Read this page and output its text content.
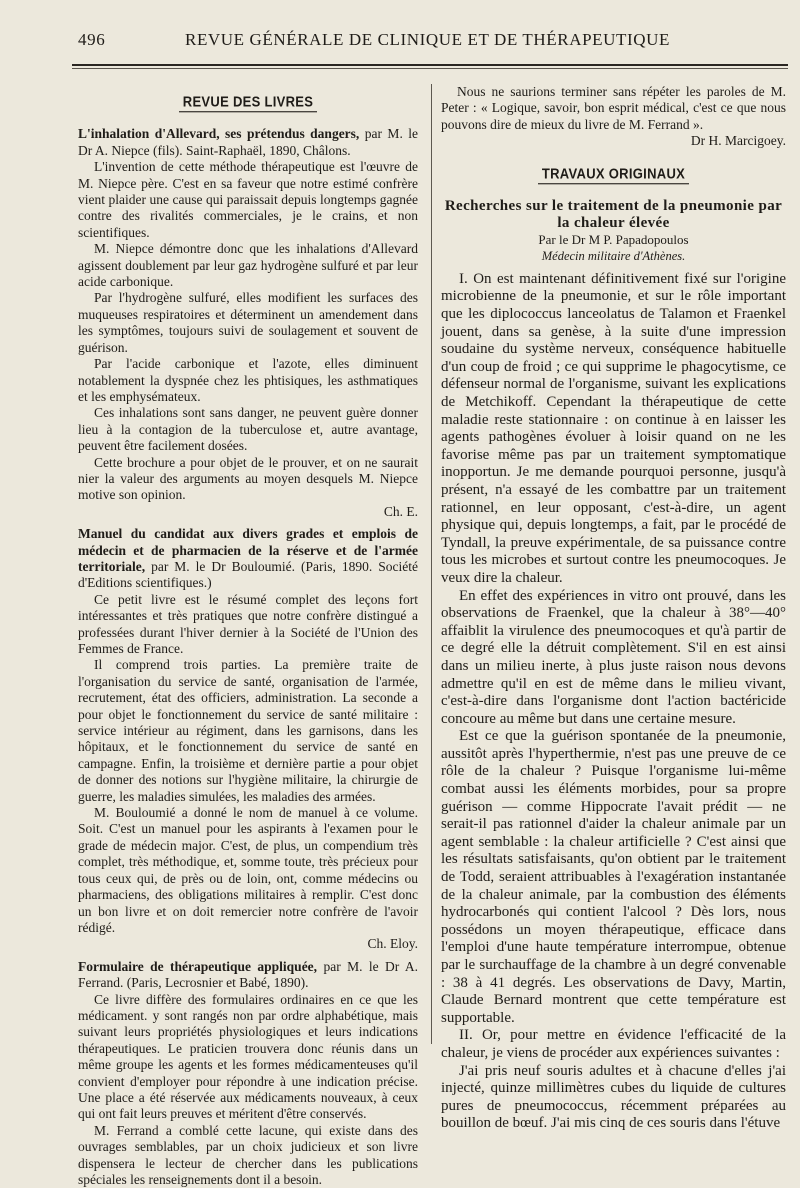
496	REVUE GÉNÉRALE DE CLINIQUE ET DE THÉRAPEUTIQUE
REVUE DES LIVRES

L'inhalation d'Allevard, ses prétendus dangers, par M. le Dr A. Niepce (fils). Saint-Raphaël, 1890, Châlons.

L'invention de cette méthode thérapeutique est l'œuvre de M. Niepce père. C'est en sa faveur que notre estimé confrère vient plaider une cause qui paraissait depuis longtemps gagnée contre des rivalités commerciales, je le crains, et non scientifiques.

M. Niepce démontre donc que les inhalations d'Allevard agissent doublement par leur gaz hydrogène sulfuré et par leur acide carbonique.

Par l'hydrogène sulfuré, elles modifient les surfaces des muqueuses respiratoires et déterminent un amendement dans les symptômes, toujours suivi de soulagement et souvent de guérison.

Par l'acide carbonique et l'azote, elles diminuent notablement la dyspnée chez les phtisiques, les asthmatiques et les emphysémateux.

Ces inhalations sont sans danger, ne peuvent guère donner lieu à la contagion de la tuberculose et, autre avantage, peuvent être facilement dosées.

Cette brochure a pour objet de le prouver, et on ne saurait nier la valeur des arguments au moyen desquels M. Niepce motive son opinion.

Ch. E.

Manuel du candidat aux divers grades et emplois de médecin et de pharmacien de la réserve et de l'armée territoriale, par M. le Dr Bouloumié. (Paris, 1890. Société d'Editions scientifiques.)

Ce petit livre est le résumé complet des leçons fort intéressantes et très pratiques que notre confrère distingué a professées durant l'hiver dernier à la Société de l'Union des Femmes de France.

Il comprend trois parties. La première traite de l'organisation du service de santé, organisation de l'armée, recrutement, état des officiers, administration. La seconde a pour objet le fonctionnement du service de santé militaire : service intérieur au régiment, dans les garnisons, dans les hôpitaux, et le fonctionnement du service de santé en campagne. Enfin, la troisième et dernière partie a pour objet de donner des notions sur l'hygiène militaire, la chirurgie de guerre, les maladies simulées, les maladies des armées.

M. Bouloumié a donné le nom de manuel à ce volume. Soit. C'est un manuel pour les aspirants à l'examen pour le grade de médecin major. C'est, de plus, un compendium très complet, très méthodique, et, somme toute, très précieux pour tous ceux qui, de près ou de loin, ont, comme médecins ou pharmaciens, des obligations militaires à remplir. C'est donc un bon livre et on doit remercier notre confrère de l'avoir rédigé.

Ch. Eloy.

Formulaire de thérapeutique appliquée, par M. le Dr A. Ferrand. (Paris, Lecrosnier et Babé, 1890).

Ce livre diffère des formulaires ordinaires en ce que les médicament. y sont rangés non par ordre alphabétique, mais suivant leurs propriétés physiologiques et leurs indications thérapeutiques. Le praticien trouvera donc réunis dans un même groupe les agents et les formes médicamenteuses qu'il convient d'employer pour répondre à une indication précise. Une place a été réservée aux médicaments nouveaux, à ceux qui ont fait leurs preuves et méritent d'être conservés.

M. Ferrand a comblé cette lacune, qui existe dans des ouvrages semblables, par un choix judicieux et son livre dispensera le lecteur de chercher dans les publications spéciales les renseignements dont il a besoin.

Nous ne saurions terminer sans répéter les paroles de M. Peter : « Logique, savoir, bon esprit médical, c'est ce que nous pouvons dire de mieux du livre de M. Ferrand ».

Dr H. Marcigoey.

TRAVAUX ORIGINAUX

Recherches sur le traitement de la pneumonie par la chaleur élevée

Par le Dr M P. Papadopoulos

Médecin militaire d'Athènes.

I. On est maintenant définitivement fixé sur l'origine microbienne de la pneumonie, et sur le rôle important que les diplococcus lanceolatus de Talamon et Fraenkel jouent, dans sa genèse, à la suite d'une impression soudaine du système nerveux, conséquence habituelle d'un coup de froid ; ce qui supprime le phagocytisme, ce défenseur normal de l'organisme, suivant les explications de Metchikoff. Cependant la thérapeutique de cette maladie reste stationnaire : on continue à en laisser les agents pathogènes évoluer à loisir quand on ne les favorise même pas par un traitement symptomatique inopportun. Je me demande pourquoi personne, jusqu'à présent, n'a essayé de les combattre par un traitement rationnel, en leur opposant, c'est-à-dire, un agent physique qui, depuis longtemps, a fait, par le procédé de Tyndall, la preuve expérimentale, de sa puissance contre tous les microbes et surtout contre les pneumocoques. Je veux dire la chaleur.

En effet des expériences in vitro ont prouvé, dans les observations de Fraenkel, que la chaleur à 38°—40° affaiblit la virulence des pneumocoques et qu'à partir de ce degré elle la détruit complètement. S'il en est ainsi dans un milieu inerte, à plus juste raison nous devons admettre qu'il en est de même dans le milieu vivant, c'est-à-dire dans l'organisme dont l'action bactéricide concoure au même but dans une certaine mesure.

Est ce que la guérison spontanée de la pneumonie, aussitôt après l'hyperthermie, n'est pas une preuve de ce rôle de la chaleur ? Puisque l'organisme lui-même combat aussi les éléments morbides, pour sa propre guérison — comme Hippocrate l'avait prédit — ne serait-il pas rationnel d'aider la chaleur animale par un agent semblable : la chaleur artificielle ? C'est ainsi que les résultats satisfaisants, qu'on obtient par le traitement de Todd, seraient attribuables à l'exagération instantanée de la chaleur animale, par la combustion des éléments hydrocarbonés qui contient l'alcool ? Dès lors, nous possédons un moyen thérapeutique, efficace dans l'emploi d'une haute température interrompue, obtenue par le surchauffage de la chambre à un degré convenable : 38 à 41 degrés. Les observations de Davy, Martin, Claude Bernard montrent que cette température est supportable.

II. Or, pour mettre en évidence l'efficacité de la chaleur, je viens de procéder aux expériences suivantes :

J'ai pris neuf souris adultes et à chacune d'elles j'ai injecté, quinze millimètres cubes du liquide de cultures pures de pneumococcus, récemment préparées au bouillon de bœuf. J'ai mis cinq de ces souris dans l'étuve
